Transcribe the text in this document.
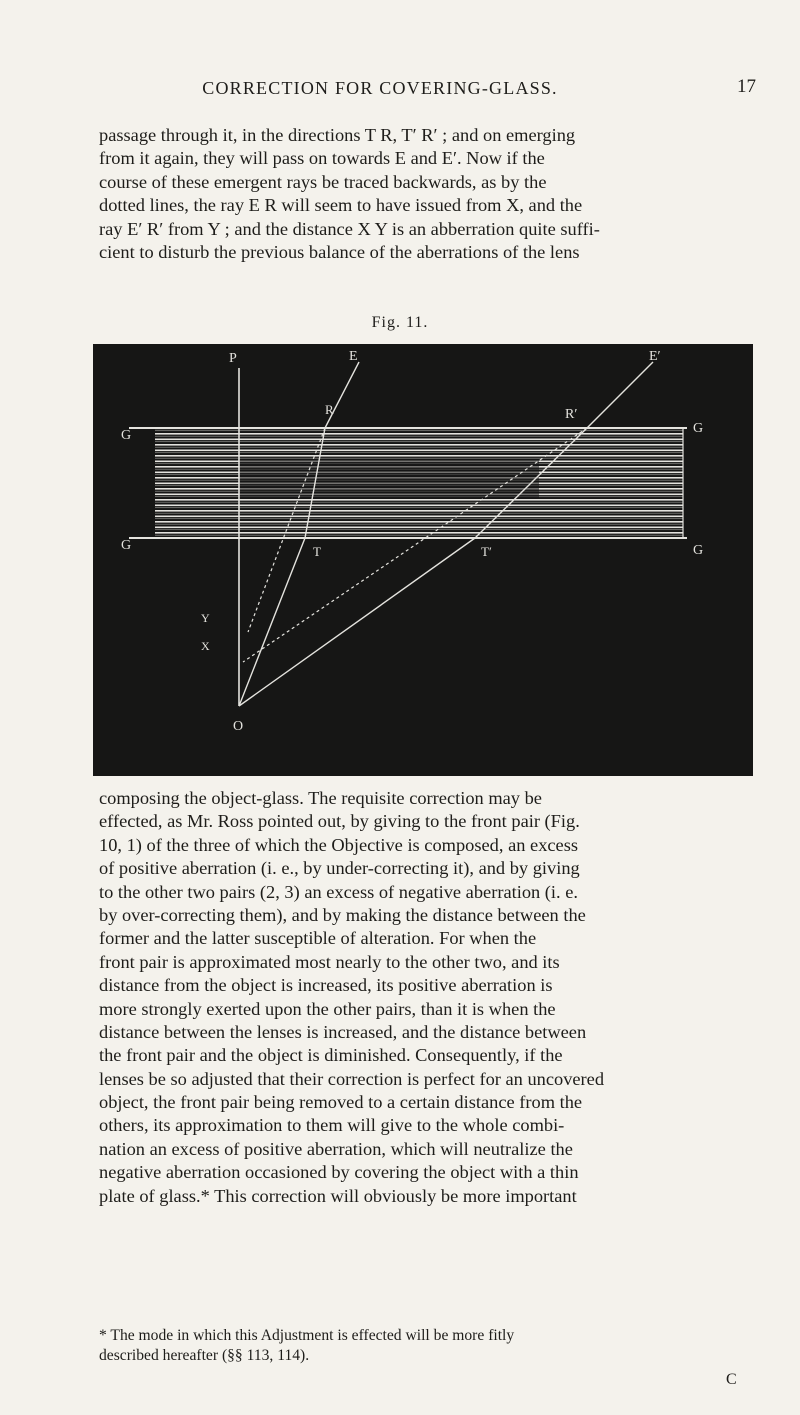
CORRECTION FOR COVERING-GLASS.	17
passage through it, in the directions T R, T′ R′ ; and on emerging
from it again, they will pass on towards E and E′. Now if the
course of these emergent rays be traced backwards, as by the
dotted lines, the ray E R will seem to have issued from X, and the
ray E′ R′ from Y ; and the distance X Y is an abberration quite suffi-
cient to disturb the previous balance of the aberrations of the lens
Fig. 11.
P	E	E′
R	R′
G	G
G	G
T	T′
Y
X
O
composing the object-glass. The requisite correction may be
effected, as Mr. Ross pointed out, by giving to the front pair (Fig.
10, 1) of the three of which the Objective is composed, an excess
of positive aberration (i. e., by under-correcting it), and by giving
to the other two pairs (2, 3) an excess of negative aberration (i. e.
by over-correcting them), and by making the distance between the
former and the latter susceptible of alteration. For when the
front pair is approximated most nearly to the other two, and its
distance from the object is increased, its positive aberration is
more strongly exerted upon the other pairs, than it is when the
distance between the lenses is increased, and the distance between
the front pair and the object is diminished. Consequently, if the
lenses be so adjusted that their correction is perfect for an uncovered
object, the front pair being removed to a certain distance from the
others, its approximation to them will give to the whole combi-
nation an excess of positive aberration, which will neutralize the
negative aberration occasioned by covering the object with a thin
plate of glass.* This correction will obviously be more important
* The mode in which this Adjustment is effected will be more fitly
described hereafter (§§ 113, 114).
C
